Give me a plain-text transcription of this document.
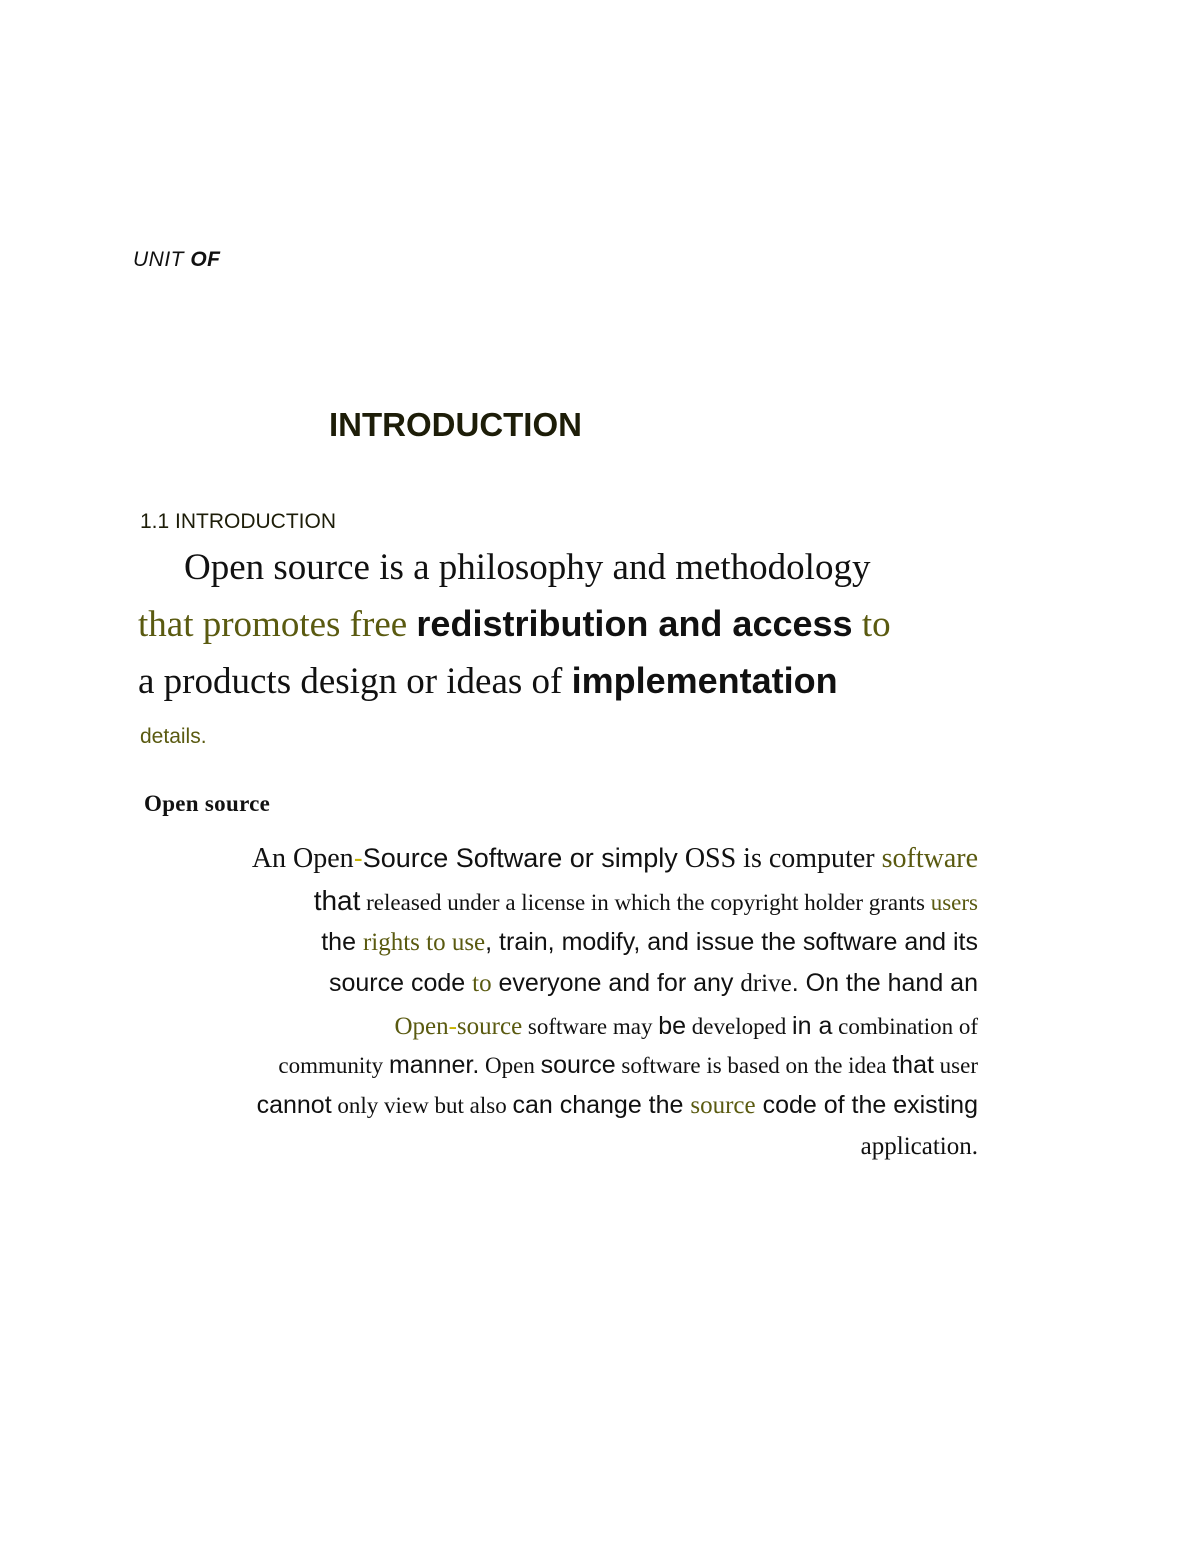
UNIT OF
INTRODUCTION
1.1 INTRODUCTION
Open source is a philosophy and methodology
that promotes free redistribution and access to
a products design or ideas of implementation
details.
Open source
An Open-Source Software or simply OSS is computer software
that released under a license in which the copyright holder grants users
the rights to use, train, modify, and issue the software and its
source code to everyone and for any drive. On the hand an
Open-source software may be developed in a combination of
community manner. Open source software is based on the idea that user
cannot only view but also can change the source code of the existing
application.
